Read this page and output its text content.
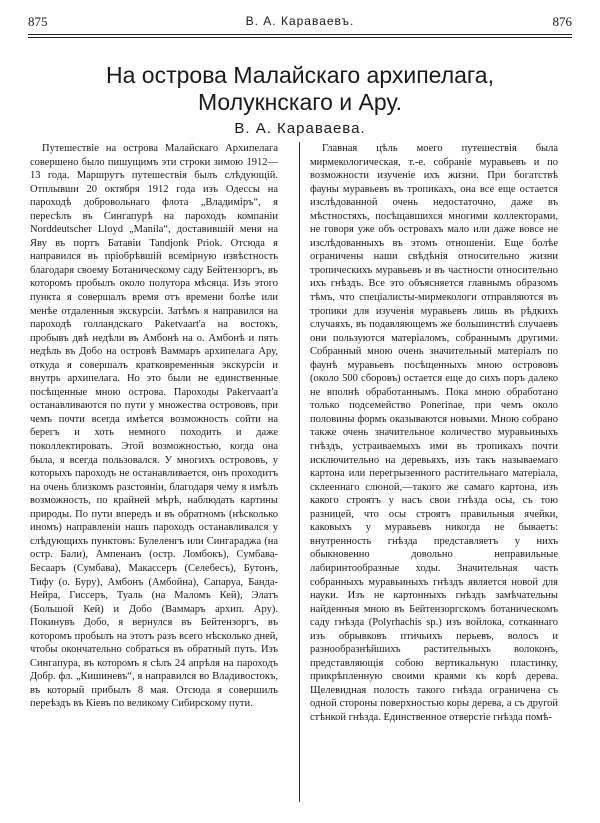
875	В. А. Караваевъ.	876
На острова Малайскаго архипелага, Молукнскаго и Ару.
В. А. Караваева.

Путешествіе на острова Малайскаго Архипелага совершено было пишущимъ эти строки зимою 1912—13 года. Маршрутъ путешествія былъ слѣдующій. Отплывши 20 октября 1912 года изъ Одессы на пароходѣ добровольнаго флота „Владиміръ“, я пересѣлъ въ Сингапурѣ на пароходъ компаніи Norddeutscher Lloyd „Manila“, доставившій меня на Яву въ портъ Батавіи Tandjonk Priok. Отсюда я направился въ пріобрѣвшій всемірную извѣстность благодаря своему Ботаническому саду Бейтензоргъ, въ которомъ пробылъ около полутора мѣсяца. Изъ этого пункта я совершалъ время отъ времени болѣе или менѣе отдаленныя экскурсіи. Затѣмъ я направился на пароходѣ голландскаго Paketvaart'а на востокъ, пробывъ двѣ недѣли въ Амбонѣ на о. Амбонѣ и пять недѣль въ Добо на островѣ Ваммаръ архипелага Ару, откуда я совершалъ кратковременныя экскурсіи и внутрь архипелага. Но это были не единственные посѣщенные мною острова. Пароходы Pakervaart'а останавливаются по пути у множества острововъ, при чемъ почти всегда имѣется возможность сойти на берегъ и хоть немного походить и даже поколлектировать. Этой возможностью, когда она была, я всегда пользовался. У многихъ острововъ, у которыхъ пароходъ не останавливается, онъ проходитъ на очень близкомъ разстояніи, благодаря чему я имѣлъ возможность, по крайней мѣрѣ, наблюдать картины природы. По пути впередъ и въ обратномъ (нѣсколько иномъ) направленіи нашъ пароходъ останавливался у слѣдующихъ пунктовъ: Булеленгъ или Сингараджа (на остр. Бали), Ампенанъ (остр. Ломбокъ), Сумбава-Бесааръ (Сумбава), Макассеръ (Селебесъ), Бутонъ, Тифу (о. Буру), Амбонъ (Амбойна), Сапаруа, Банда-Нейра, Гиссеръ, Туаль (на Маломъ Кей), Элатъ (Большой Кей) и Добо (Ваммаръ архип. Ару). Покинувъ Добо, я вернулся въ Бейтензоргъ, въ которомъ пробылъ на этотъ разъ всего нѣсколько дней, чтобы окончательно собраться въ обратный путь. Изъ Сингапура, въ которомъ я сѣлъ 24 апрѣля на пароходъ Добр. фл. „Кишиневъ“, я направился во Владивостокъ, въ который прибылъ 8 мая. Отсюда я совершилъ переѣздъ въ Кіевъ по великому Сибирскому пути.

Главная цѣль моего путешествія была мирмекологическая, т.-е. собраніе муравьевъ и по возможности изученіе ихъ жизни. При богатствѣ фауны муравьевъ въ тропикахъ, она все еще остается изслѣдованной очень недостаточно, даже въ мѣстностяхъ, посѣщавшихся многими коллекторами, не говоря уже объ островахъ мало или даже вовсе не изслѣдованныхъ въ этомъ отношеніи. Еще болѣе ограничены наши свѣдѣнія относительно жизни тропическихъ муравьевъ и въ частности относительно ихъ гнѣздъ. Все это объясняется главнымъ образомъ тѣмъ, что спеціалисты-мирмекологи отправляются въ тропики для изученія муравьевъ лишь въ рѣдкихъ случаяхъ, въ подавляющемъ же большинствѣ случаевъ они пользуются матеріаломъ, собраннымъ другими. Собранный мною очень значительный матеріалъ по фаунѣ муравьевъ посѣщенныхъ мною острововъ (около 500 сборовъ) остается еще до сихъ поръ далеко не вполнѣ обработаннымъ. Пока мною обработано только подсемейство Ponerinae, при чемъ около половины формъ оказываются новыми. Мною собрано также очень значительное количество муравьиныхъ гнѣздъ, устраиваемыхъ ими въ тропикахъ почти исключительно на деревьяхъ, изъ такъ называемаго картона или перегрызенного растительнаго матеріала, склееннаго слюной,—такого же самаго картона, изъ какого строятъ у насъ свои гнѣзда осы, съ тою разницей, что осы строятъ правильныя ячейки, каковыхъ у муравьевъ никогда не бываетъ: внутренность гнѣзда представляетъ у нихъ обыкновенно довольно неправильные лабиринтообразные ходы. Значительная часть собранныхъ муравьиныхъ гнѣздъ является новой для науки. Изъ не картонныхъ гнѣздъ замѣчательны найденныя мною въ Бейтензоргскомъ ботаническомъ саду гнѣзда (Polyrhachis sp.) изъ войлока, сотканнаго изъ обрывковъ птичьихъ перьевъ, волосъ и разнообразнѣйшихъ растительныхъ волоконъ, представляющія собою вертикальную пластинку, прикрѣпленную своими краями къ корѣ дерева. Щелевидная полость такого гнѣзда ограничена съ одной стороны поверхностью коры дерева, а съ другой стѣнкой гнѣзда. Единственное отверстіе гнѣзда помѣ-
